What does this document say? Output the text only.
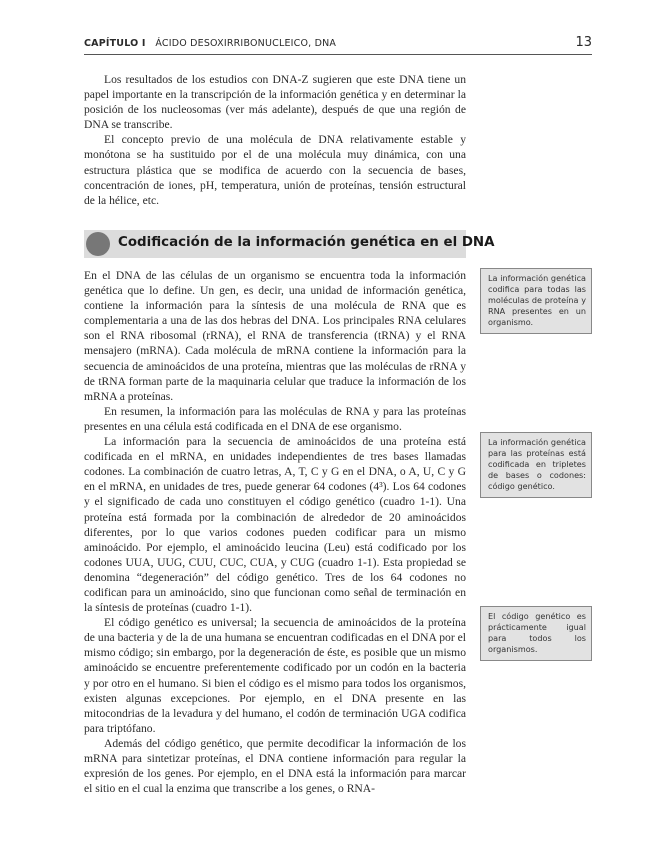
CAPÍTULO I ÁCIDO DESOXIRRIBONUCLEICO, DNA	13

Los resultados de los estudios con DNA-Z sugieren que este DNA tiene un papel importante en la transcripción de la información genética y en determinar la posición de los nucleosomas (ver más adelante), después de que una región de DNA se transcribe.

El concepto previo de una molécula de DNA relativamente estable y monótona se ha sustituido por el de una molécula muy dinámica, con una estructura plástica que se modifica de acuerdo con la secuencia de bases, concentración de iones, pH, temperatura, unión de proteínas, tensión estructural de la hélice, etc.

Codificación de la información genética en el DNA

En el DNA de las células de un organismo se encuentra toda la información genética que lo define. Un gen, es decir, una unidad de información genética, contiene la información para la síntesis de una molécula de RNA que es complementaria a una de las dos hebras del DNA. Los principales RNA celulares son el RNA ribosomal (rRNA), el RNA de transferencia (tRNA) y el RNA mensajero (mRNA). Cada molécula de mRNA contiene la información para la secuencia de aminoácidos de una proteína, mientras que las moléculas de rRNA y de tRNA forman parte de la maquinaria celular que traduce la información de los mRNA a proteínas.

En resumen, la información para las moléculas de RNA y para las proteínas presentes en una célula está codificada en el DNA de ese organismo.

La información para la secuencia de aminoácidos de una proteína está codificada en el mRNA, en unidades independientes de tres bases llamadas codones. La combinación de cuatro letras, A, T, C y G en el DNA, o A, U, C y G en el mRNA, en unidades de tres, puede generar 64 codones (4³). Los 64 codones y el significado de cada uno constituyen el código genético (cuadro 1-1). Una proteína está formada por la combinación de alrededor de 20 aminoácidos diferentes, por lo que varios codones pueden codificar para un mismo aminoácido. Por ejemplo, el aminoácido leucina (Leu) está codificado por los codones UUA, UUG, CUU, CUC, CUA, y CUG (cuadro 1-1). Esta propiedad se denomina “degeneración” del código genético. Tres de los 64 codones no codifican para un aminoácido, sino que funcionan como señal de terminación en la síntesis de proteínas (cuadro 1-1).

El código genético es universal; la secuencia de aminoácidos de la proteína de una bacteria y de la de una humana se encuentran codificadas en el DNA por el mismo código; sin embargo, por la degeneración de éste, es posible que un mismo aminoácido se encuentre preferentemente codificado por un codón en la bacteria y por otro en el humano. Si bien el código es el mismo para todos los organismos, existen algunas excepciones. Por ejemplo, en el DNA presente en las mitocondrias de la levadura y del humano, el codón de terminación UGA codifica para triptófano.

Además del código genético, que permite decodificar la información de los mRNA para sintetizar proteínas, el DNA contiene información para regular la expresión de los genes. Por ejemplo, en el DNA está la información para marcar el sitio en el cual la enzima que transcribe a los genes, o RNA-

La información genética codifica para todas las moléculas de proteína y RNA presentes en un organismo.
La información genética para las proteínas está codificada en tripletes de bases o codones: código genético.
El código genético es prácticamente igual para todos los organismos.
